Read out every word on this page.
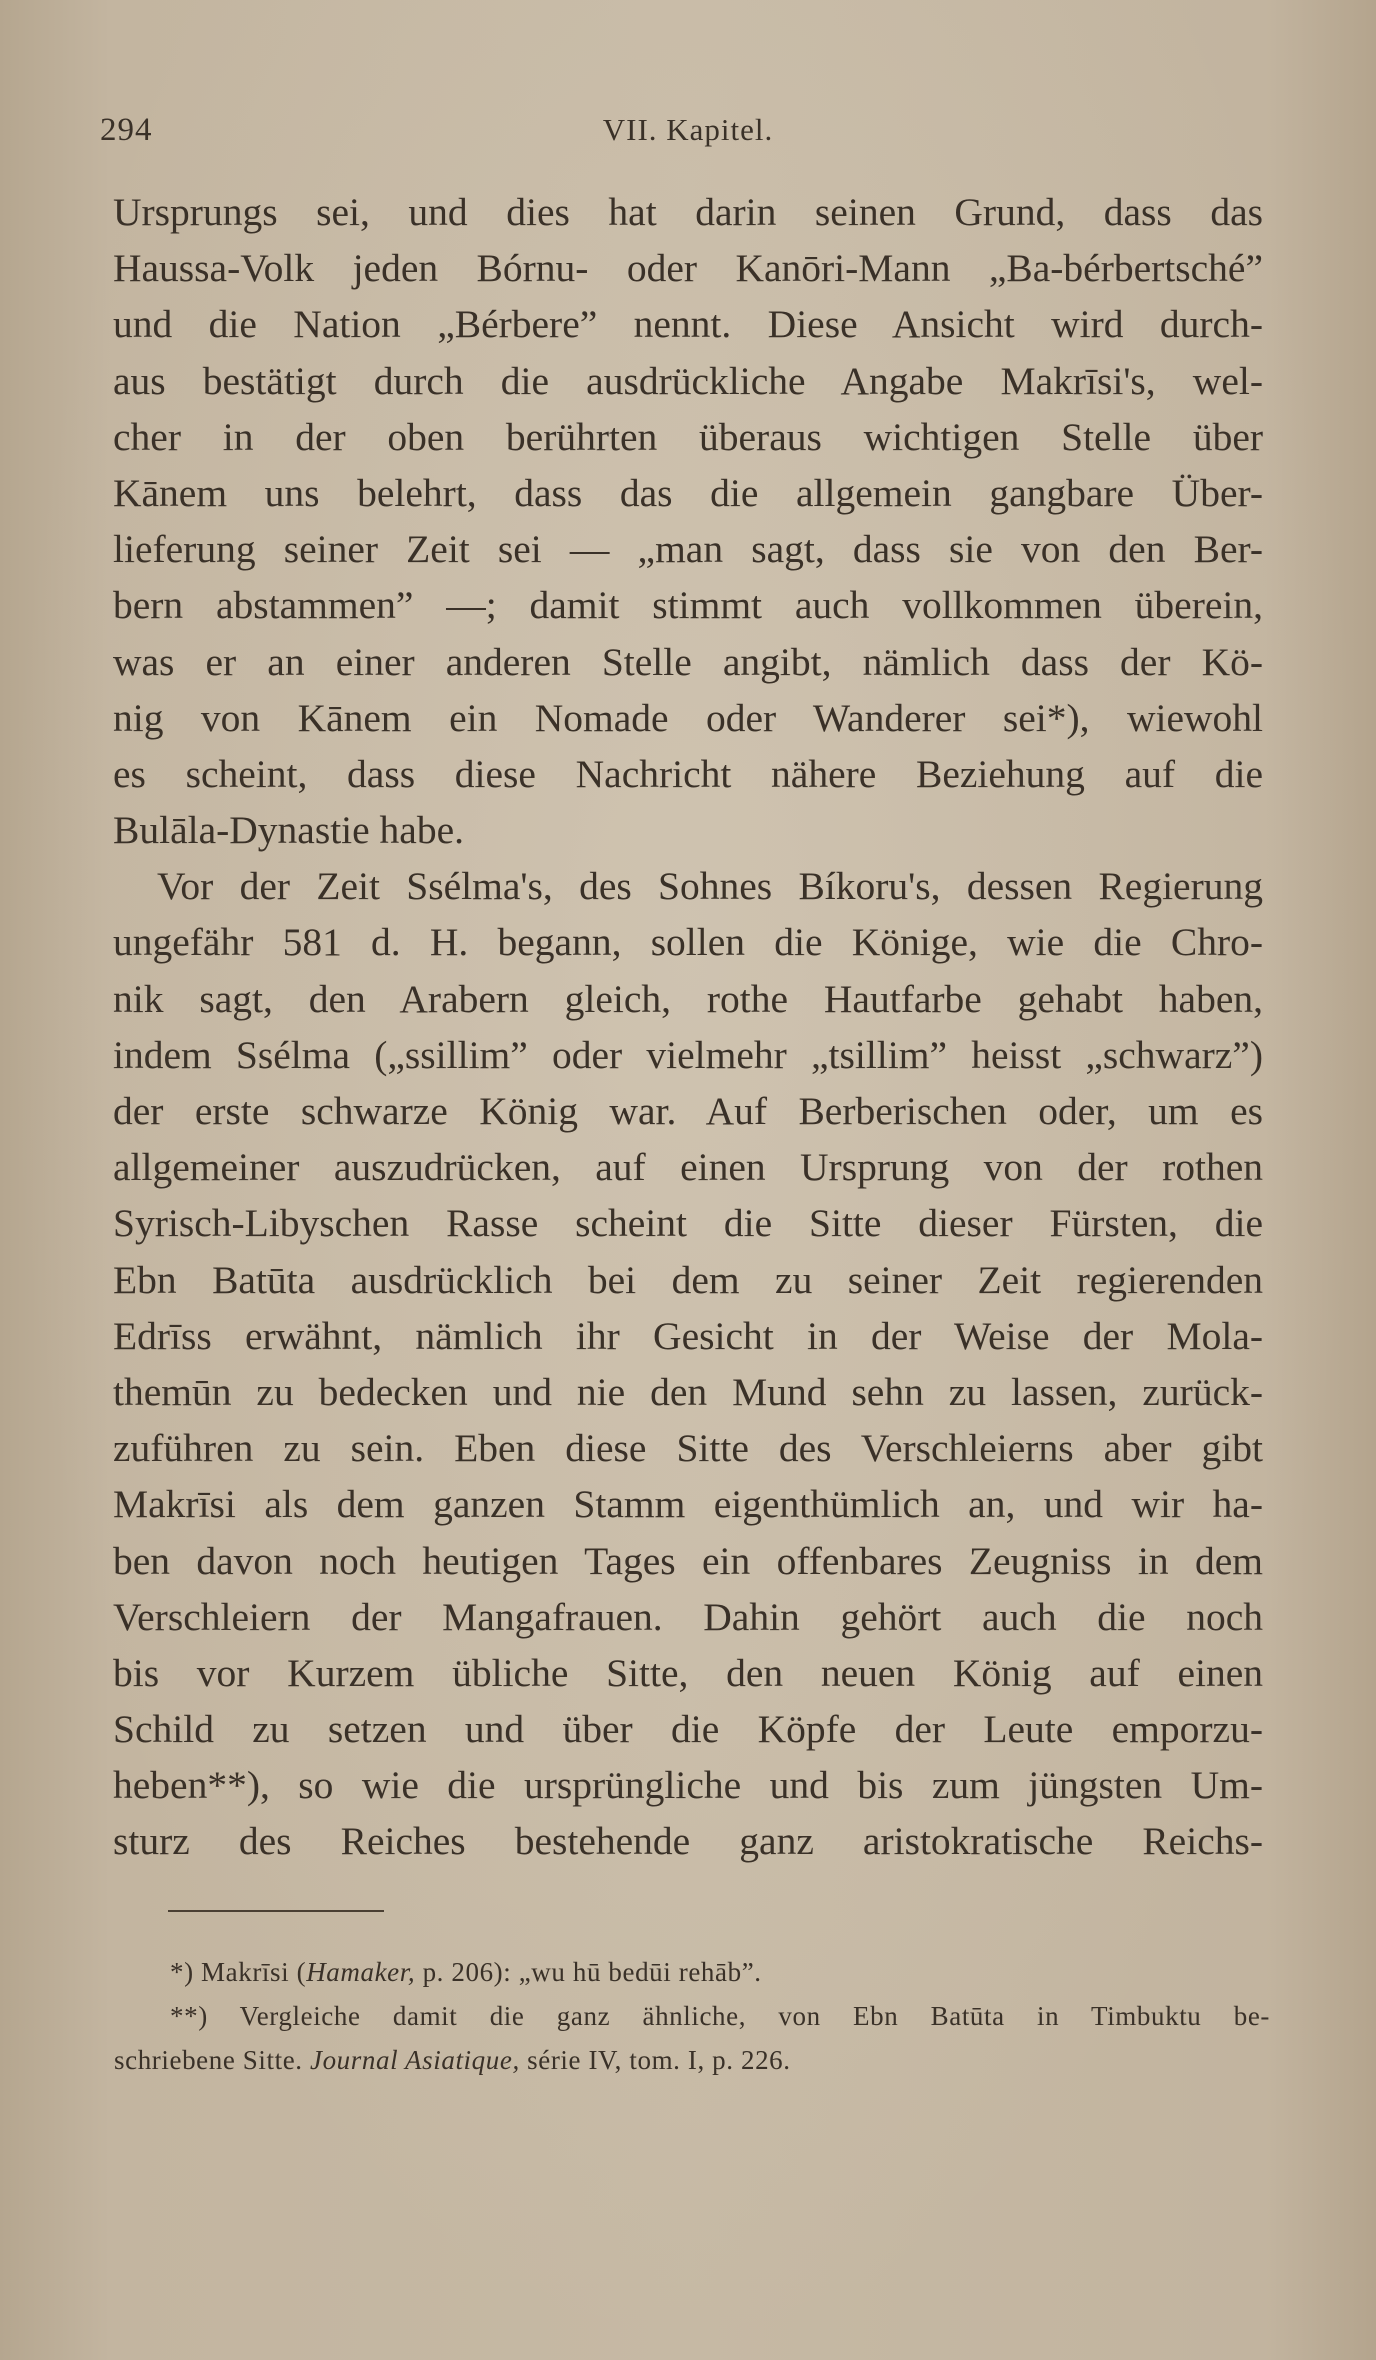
294	VII. Kapitel.
Ursprungs sei, und dies hat darin seinen Grund, dass das
Haussa-Volk jeden Bórnu- oder Kanōri-Mann „Ba-bérbertsché”
und die Nation „Bérbere” nennt. Diese Ansicht wird durch-
aus bestätigt durch die ausdrückliche Angabe Makrīsi's, wel-
cher in der oben berührten überaus wichtigen Stelle über
Kānem uns belehrt, dass das die allgemein gangbare Über-
lieferung seiner Zeit sei — „man sagt, dass sie von den Ber-
bern abstammen” —; damit stimmt auch vollkommen überein,
was er an einer anderen Stelle angibt, nämlich dass der Kö-
nig von Kānem ein Nomade oder Wanderer sei*), wiewohl
es scheint, dass diese Nachricht nähere Beziehung auf die
Bulāla-Dynastie habe.
Vor der Zeit Ssélma's, des Sohnes Bíkoru's, dessen Regierung
ungefähr 581 d. H. begann, sollen die Könige, wie die Chro-
nik sagt, den Arabern gleich, rothe Hautfarbe gehabt haben,
indem Ssélma („ssillim” oder vielmehr „tsillim” heisst „schwarz”)
der erste schwarze König war. Auf Berberischen oder, um es
allgemeiner auszudrücken, auf einen Ursprung von der rothen
Syrisch-Libyschen Rasse scheint die Sitte dieser Fürsten, die
Ebn Batūta ausdrücklich bei dem zu seiner Zeit regierenden
Edrīss erwähnt, nämlich ihr Gesicht in der Weise der Mola-
themūn zu bedecken und nie den Mund sehn zu lassen, zurück-
zuführen zu sein. Eben diese Sitte des Verschleierns aber gibt
Makrīsi als dem ganzen Stamm eigenthümlich an, und wir ha-
ben davon noch heutigen Tages ein offenbares Zeugniss in dem
Verschleiern der Mangafrauen. Dahin gehört auch die noch
bis vor Kurzem übliche Sitte, den neuen König auf einen
Schild zu setzen und über die Köpfe der Leute emporzu-
heben**), so wie die ursprüngliche und bis zum jüngsten Um-
sturz des Reiches bestehende ganz aristokratische Reichs-
*) Makrīsi (Hamaker, p. 206): „wu hū bedūi rehāb”.
**) Vergleiche damit die ganz ähnliche, von Ebn Batūta in Timbuktu be-
schriebene Sitte. Journal Asiatique, série IV, tom. I, p. 226.
